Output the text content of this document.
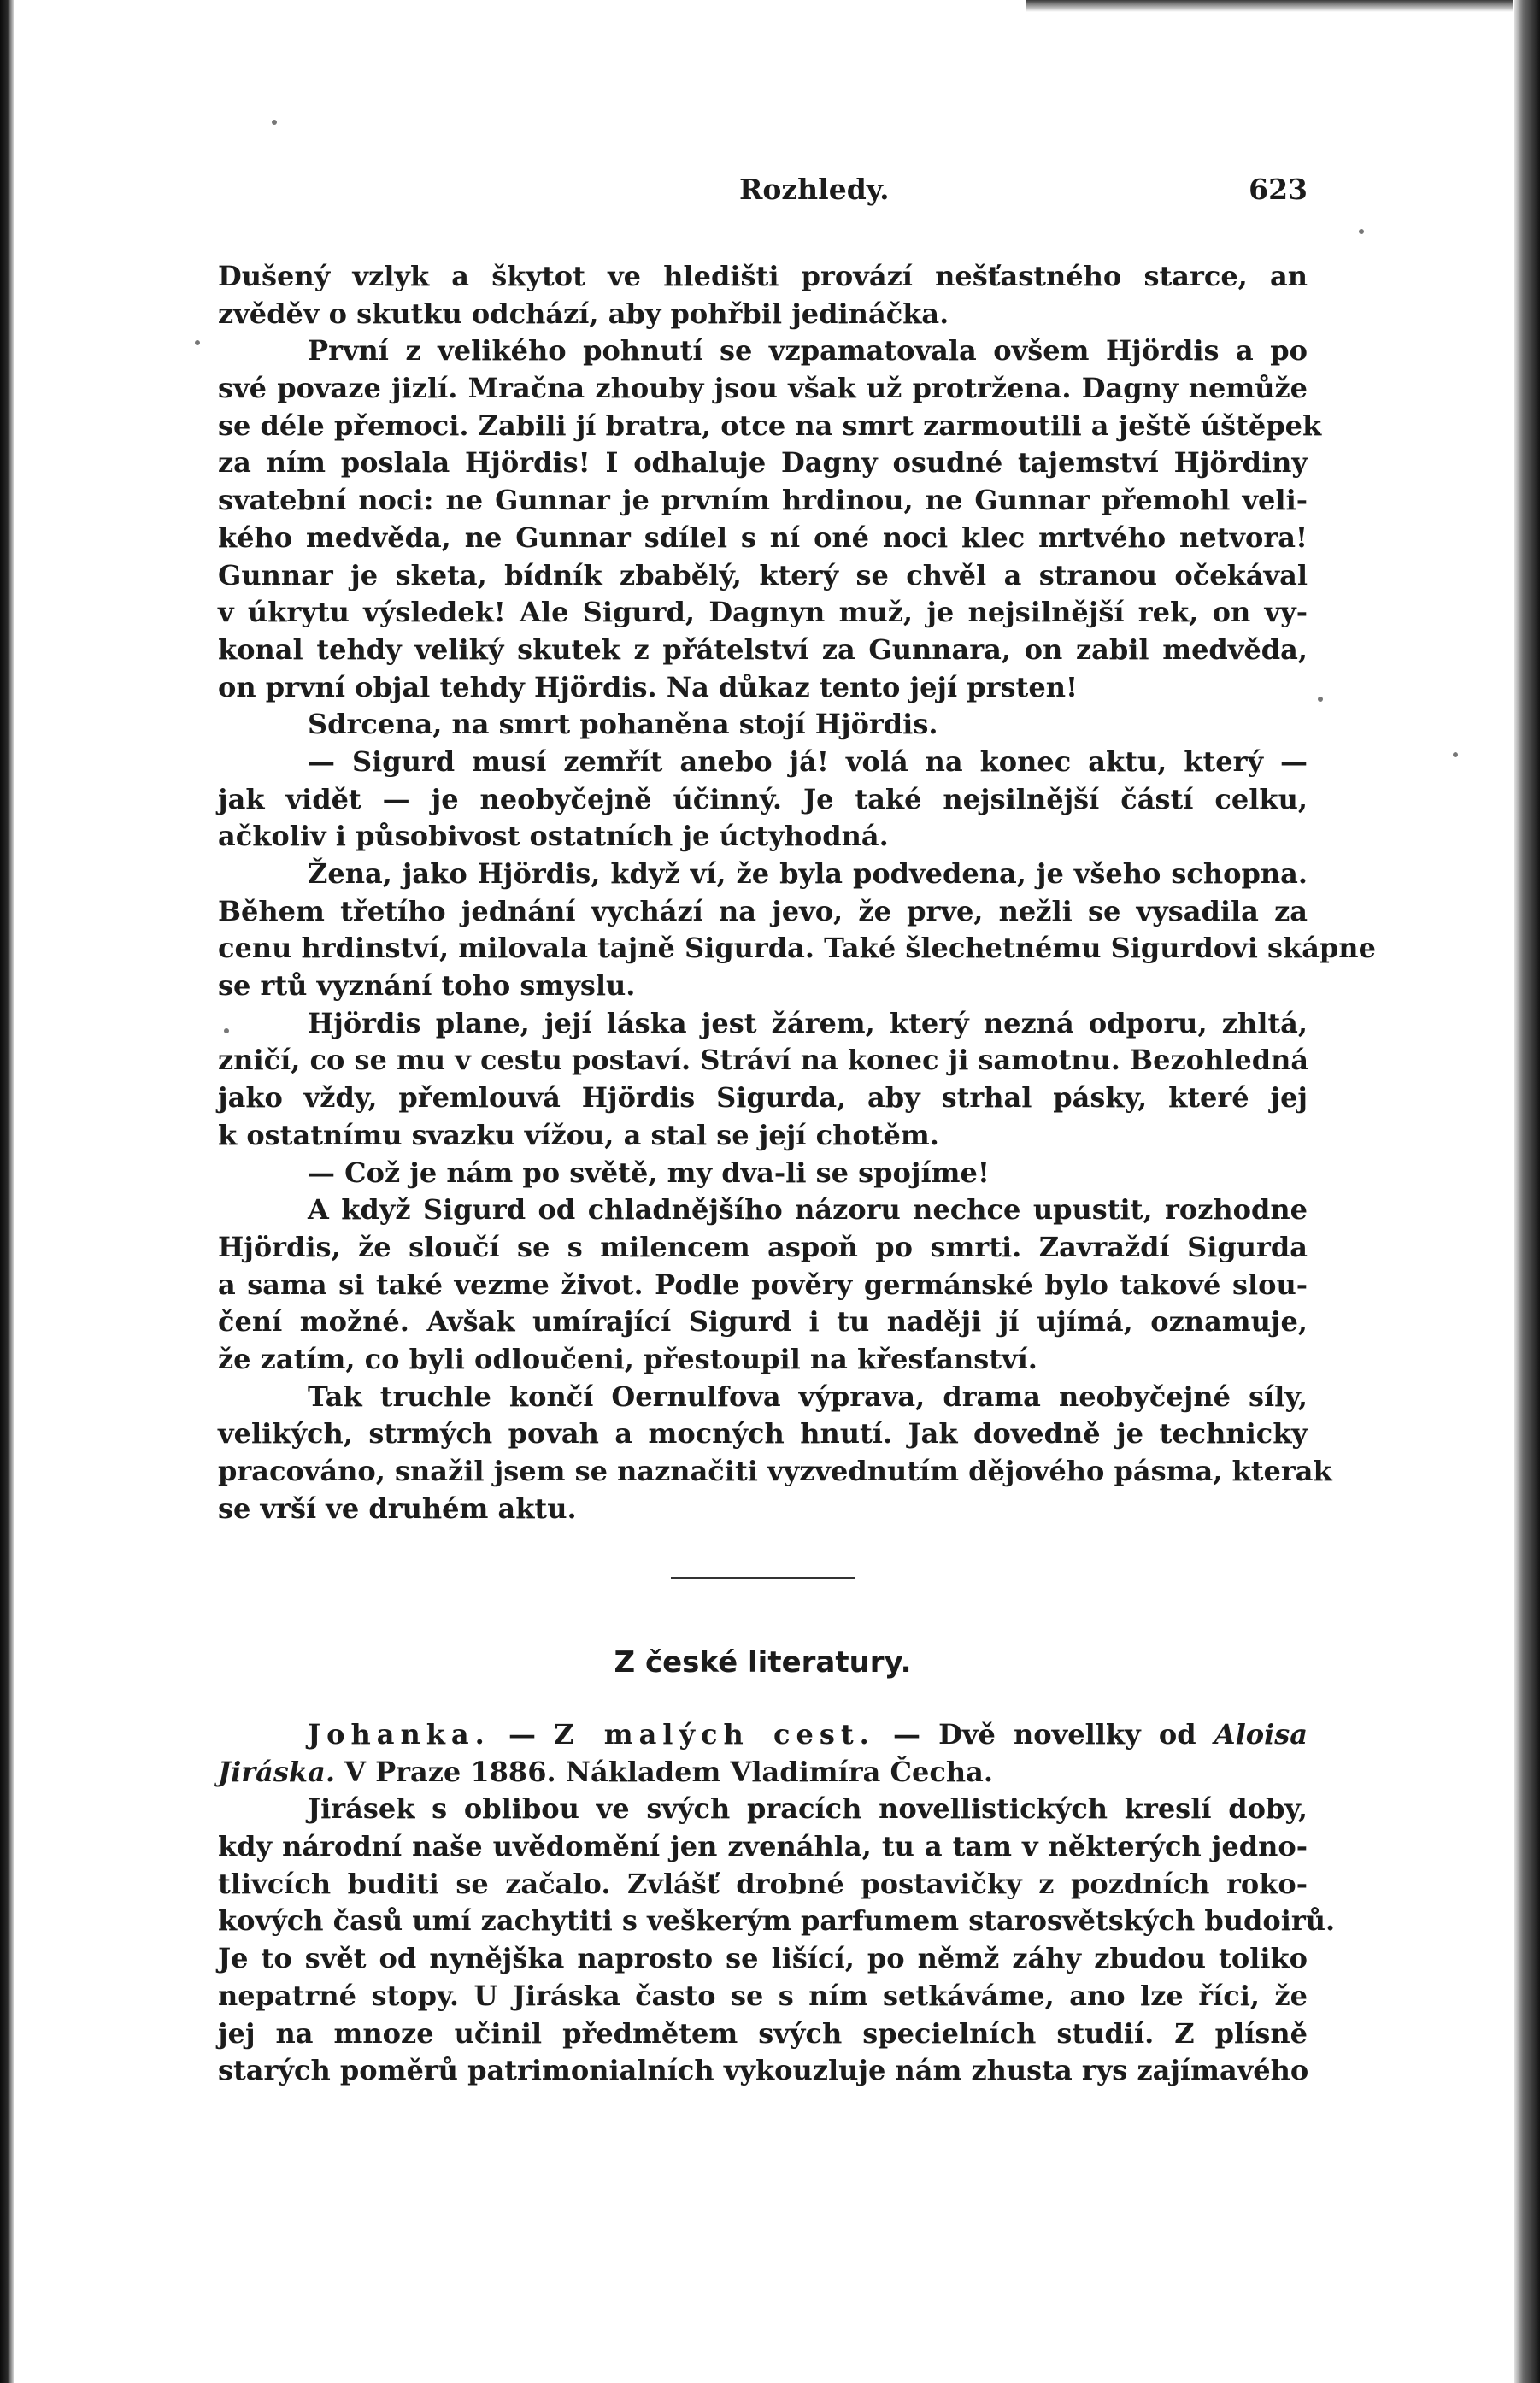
Rozhledy.	623
Dušený vzlyk a škytot ve hledišti provází nešťastného starce, an
zvěděv o skutku odchází, aby pohřbil jedináčka.
První z velikého pohnutí se vzpamatovala ovšem Hjördis a po
své povaze jizlí. Mračna zhouby jsou však už protržena. Dagny nemůže
se déle přemoci. Zabili jí bratra, otce na smrt zarmoutili a ještě úštěpek
za ním poslala Hjördis! I odhaluje Dagny osudné tajemství Hjördiny
svatební noci: ne Gunnar je prvním hrdinou, ne Gunnar přemohl veli-
kého medvěda, ne Gunnar sdílel s ní oné noci klec mrtvého netvora!
Gunnar je sketa, bídník zbabělý, který se chvěl a stranou očekával
v úkrytu výsledek! Ale Sigurd, Dagnyn muž, je nejsilnější rek, on vy-
konal tehdy veliký skutek z přátelství za Gunnara, on zabil medvěda,
on první objal tehdy Hjördis. Na důkaz tento její prsten!
Sdrcena, na smrt pohaněna stojí Hjördis.
— Sigurd musí zemřít anebo já! volá na konec aktu, který —
jak vidět — je neobyčejně účinný. Je také nejsilnější částí celku,
ačkoliv i působivost ostatních je úctyhodná.
Žena, jako Hjördis, když ví, že byla podvedena, je všeho schopna.
Během třetího jednání vychází na jevo, že prve, nežli se vysadila za
cenu hrdinství, milovala tajně Sigurda. Také šlechetnému Sigurdovi skápne
se rtů vyznání toho smyslu.
Hjördis plane, její láska jest žárem, který nezná odporu, zhltá,
zničí, co se mu v cestu postaví. Stráví na konec ji samotnu. Bezohledná
jako vždy, přemlouvá Hjördis Sigurda, aby strhal pásky, které jej
k ostatnímu svazku vížou, a stal se její chotěm.
— Což je nám po světě, my dva-li se spojíme!
A když Sigurd od chladnějšího názoru nechce upustit, rozhodne
Hjördis, že sloučí se s milencem aspoň po smrti. Zavraždí Sigurda
a sama si také vezme život. Podle pověry germánské bylo takové slou-
čení možné. Avšak umírající Sigurd i tu naději jí ujímá, oznamuje,
že zatím, co byli odloučeni, přestoupil na křesťanství.
Tak truchle končí Oernulfova výprava, drama neobyčejné síly,
velikých, strmých povah a mocných hnutí. Jak dovedně je technicky
pracováno, snažil jsem se naznačiti vyzvednutím dějového pásma, kterak
se vrší ve druhém aktu.
Z české literatury.
Johanka. — Z malých cest. — Dvě novellky od Aloisa
Jiráska. V Praze 1886. Nákladem Vladimíra Čecha.
Jirásek s oblibou ve svých pracích novellistických kreslí doby,
kdy národní naše uvědomění jen zvenáhla, tu a tam v některých jedno-
tlivcích buditi se začalo. Zvlášť drobné postavičky z pozdních roko-
kových časů umí zachytiti s veškerým parfumem starosvětských budoirů.
Je to svět od nynějška naprosto se lišící, po němž záhy zbudou toliko
nepatrné stopy. U Jiráska často se s ním setkáváme, ano lze říci, že
jej na mnoze učinil předmětem svých specielních studií. Z plísně
starých poměrů patrimonialních vykouzluje nám zhusta rys zajímavého
